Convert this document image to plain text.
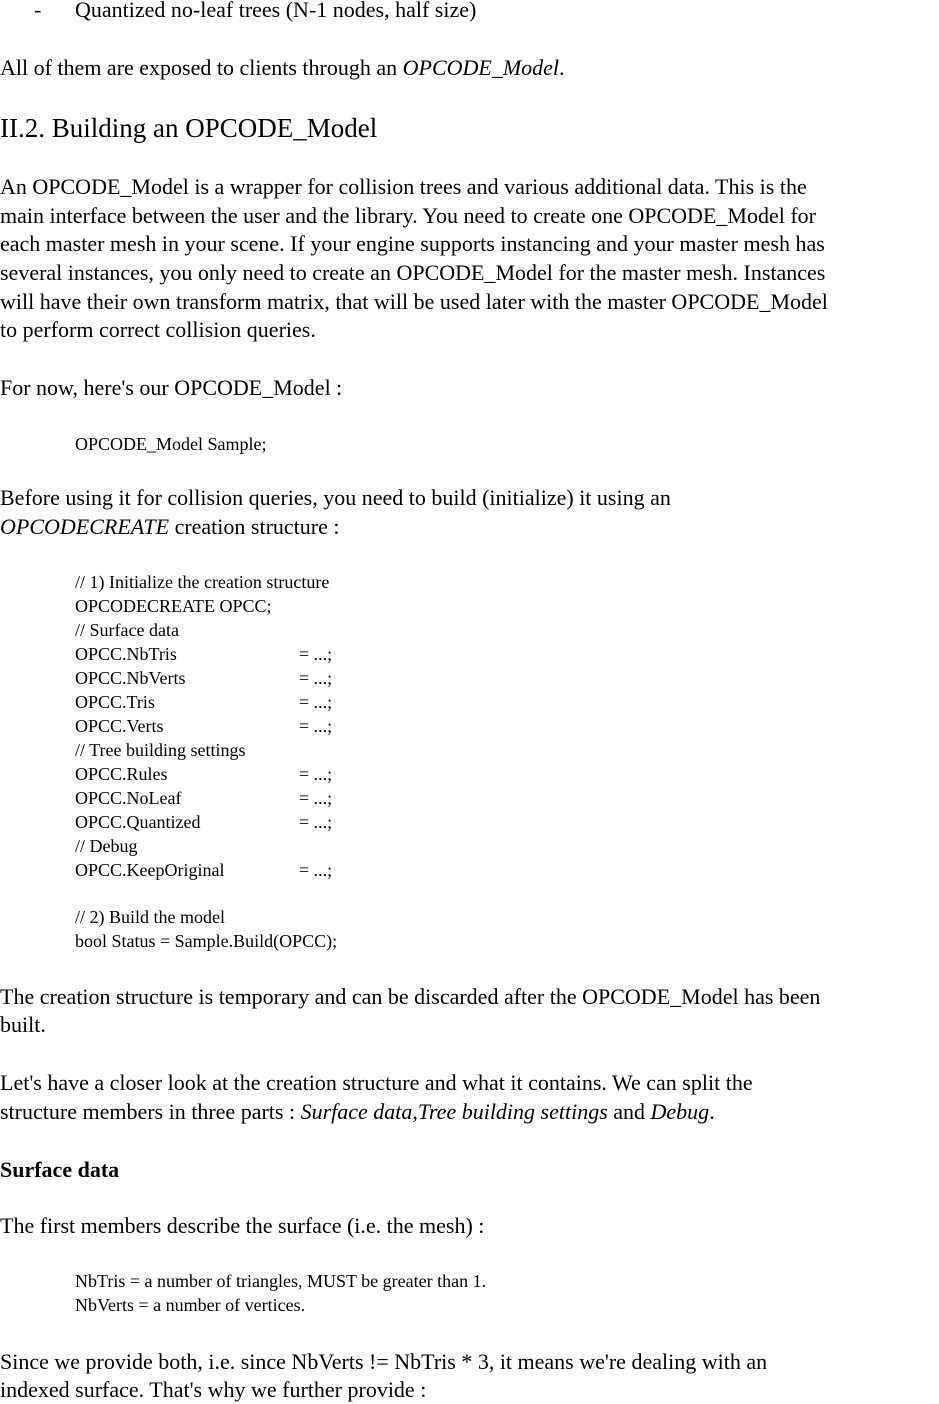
- Quantized no-leaf trees (N-1 nodes, half size)
All of them are exposed to clients through an OPCODE_Model.
II.2. Building an OPCODE_Model
An OPCODE_Model is a wrapper for collision trees and various additional data. This is the
main interface between the user and the library. You need to create one OPCODE_Model for
each master mesh in your scene. If your engine supports instancing and your master mesh has
several instances, you only need to create an OPCODE_Model for the master mesh. Instances
will have their own transform matrix, that will be used later with the master OPCODE_Model
to perform correct collision queries.
For now, here's our OPCODE_Model :
OPCODE_Model Sample;
Before using it for collision queries, you need to build (initialize) it using an
OPCODECREATE creation structure :
// 1) Initialize the creation structure
OPCODECREATE OPCC;
// Surface data
OPCC.NbTris	= ...;
OPCC.NbVerts	= ...;
OPCC.Tris	= ...;
OPCC.Verts	= ...;
// Tree building settings
OPCC.Rules	= ...;
OPCC.NoLeaf	= ...;
OPCC.Quantized	= ...;
// Debug
OPCC.KeepOriginal	= ...;
// 2) Build the model
bool Status = Sample.Build(OPCC);
The creation structure is temporary and can be discarded after the OPCODE_Model has been
built.
Let's have a closer look at the creation structure and what it contains. We can split the
structure members in three parts : Surface data,Tree building settings and Debug.
Surface data
The first members describe the surface (i.e. the mesh) :
NbTris = a number of triangles, MUST be greater than 1.
NbVerts = a number of vertices.
Since we provide both, i.e. since NbVerts != NbTris * 3, it means we're dealing with an
indexed surface. That's why we further provide :
